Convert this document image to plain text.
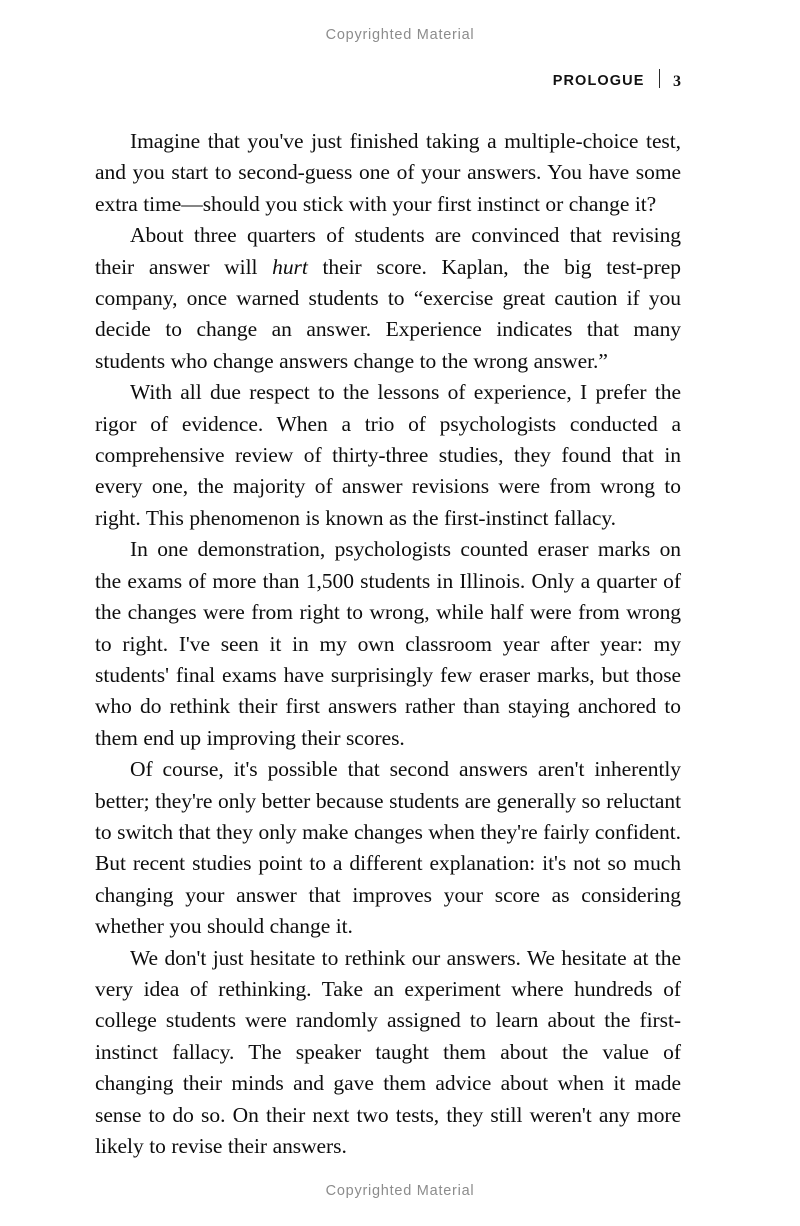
Copyrighted Material
PROLOGUE 3

Imagine that you've just finished taking a multiple-choice test, and you start to second-guess one of your answers. You have some extra time—should you stick with your first instinct or change it?

About three quarters of students are convinced that revising their answer will hurt their score. Kaplan, the big test-prep company, once warned students to “exercise great caution if you decide to change an answer. Experience indicates that many students who change answers change to the wrong answer.”

With all due respect to the lessons of experience, I prefer the rigor of evidence. When a trio of psychologists conducted a comprehensive review of thirty-three studies, they found that in every one, the majority of answer revisions were from wrong to right. This phenomenon is known as the first-instinct fallacy.

In one demonstration, psychologists counted eraser marks on the exams of more than 1,500 students in Illinois. Only a quarter of the changes were from right to wrong, while half were from wrong to right. I've seen it in my own classroom year after year: my students' final exams have surprisingly few eraser marks, but those who do rethink their first answers rather than staying anchored to them end up improving their scores.

Of course, it's possible that second answers aren't inherently better; they're only better because students are generally so reluctant to switch that they only make changes when they're fairly confident. But recent studies point to a different explanation: it's not so much changing your answer that improves your score as considering whether you should change it.

We don't just hesitate to rethink our answers. We hesitate at the very idea of rethinking. Take an experiment where hundreds of college students were randomly assigned to learn about the first-instinct fallacy. The speaker taught them about the value of changing their minds and gave them advice about when it made sense to do so. On their next two tests, they still weren't any more likely to revise their answers.

Copyrighted Material
